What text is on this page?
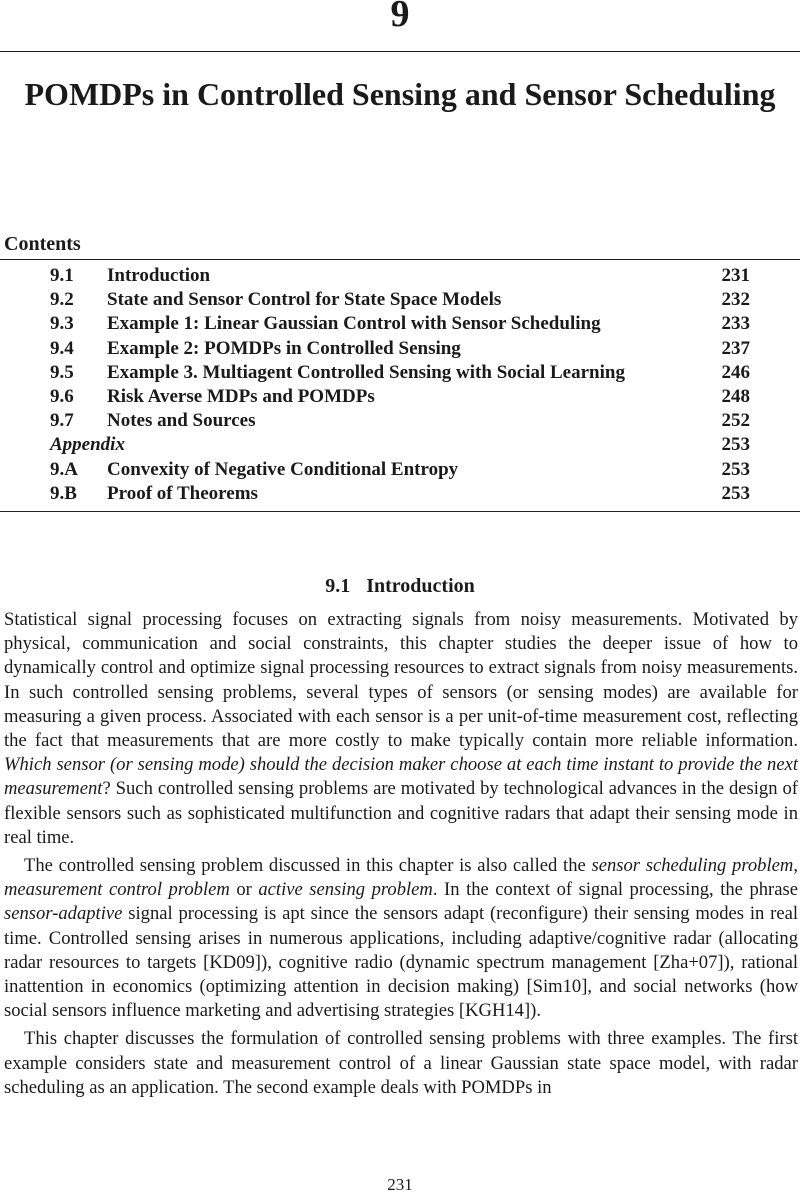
9
POMDPs in Controlled Sensing and Sensor Scheduling
Contents
9.1 Introduction	231
9.2 State and Sensor Control for State Space Models	232
9.3 Example 1: Linear Gaussian Control with Sensor Scheduling	233
9.4 Example 2: POMDPs in Controlled Sensing	237
9.5 Example 3. Multiagent Controlled Sensing with Social Learning	246
9.6 Risk Averse MDPs and POMDPs	248
9.7 Notes and Sources	252
Appendix	253
9.A Convexity of Negative Conditional Entropy	253
9.B Proof of Theorems	253
9.1 Introduction

Statistical signal processing focuses on extracting signals from noisy measurements. Motivated by physical, communication and social constraints, this chapter studies the deeper issue of how to dynamically control and optimize signal processing resources to extract signals from noisy measurements. In such controlled sensing problems, several types of sensors (or sensing modes) are available for measuring a given process. Associated with each sensor is a per unit-of-time measurement cost, reflecting the fact that measurements that are more costly to make typically contain more reliable information. Which sensor (or sensing mode) should the decision maker choose at each time instant to provide the next measurement? Such controlled sensing problems are motivated by technological advances in the design of flexible sensors such as sophisticated multifunction and cognitive radars that adapt their sensing mode in real time.

The controlled sensing problem discussed in this chapter is also called the sensor scheduling problem, measurement control problem or active sensing problem. In the context of signal processing, the phrase sensor-adaptive signal processing is apt since the sensors adapt (reconfigure) their sensing modes in real time. Controlled sensing arises in numerous applications, including adaptive/cognitive radar (allocating radar resources to targets [KD09]), cognitive radio (dynamic spectrum management [Zha+07]), rational inattention in economics (optimizing attention in decision making) [Sim10], and social networks (how social sensors influence marketing and advertising strategies [KGH14]).

This chapter discusses the formulation of controlled sensing problems with three examples. The first example considers state and measurement control of a linear Gaussian state space model, with radar scheduling as an application. The second example deals with POMDPs in

231
